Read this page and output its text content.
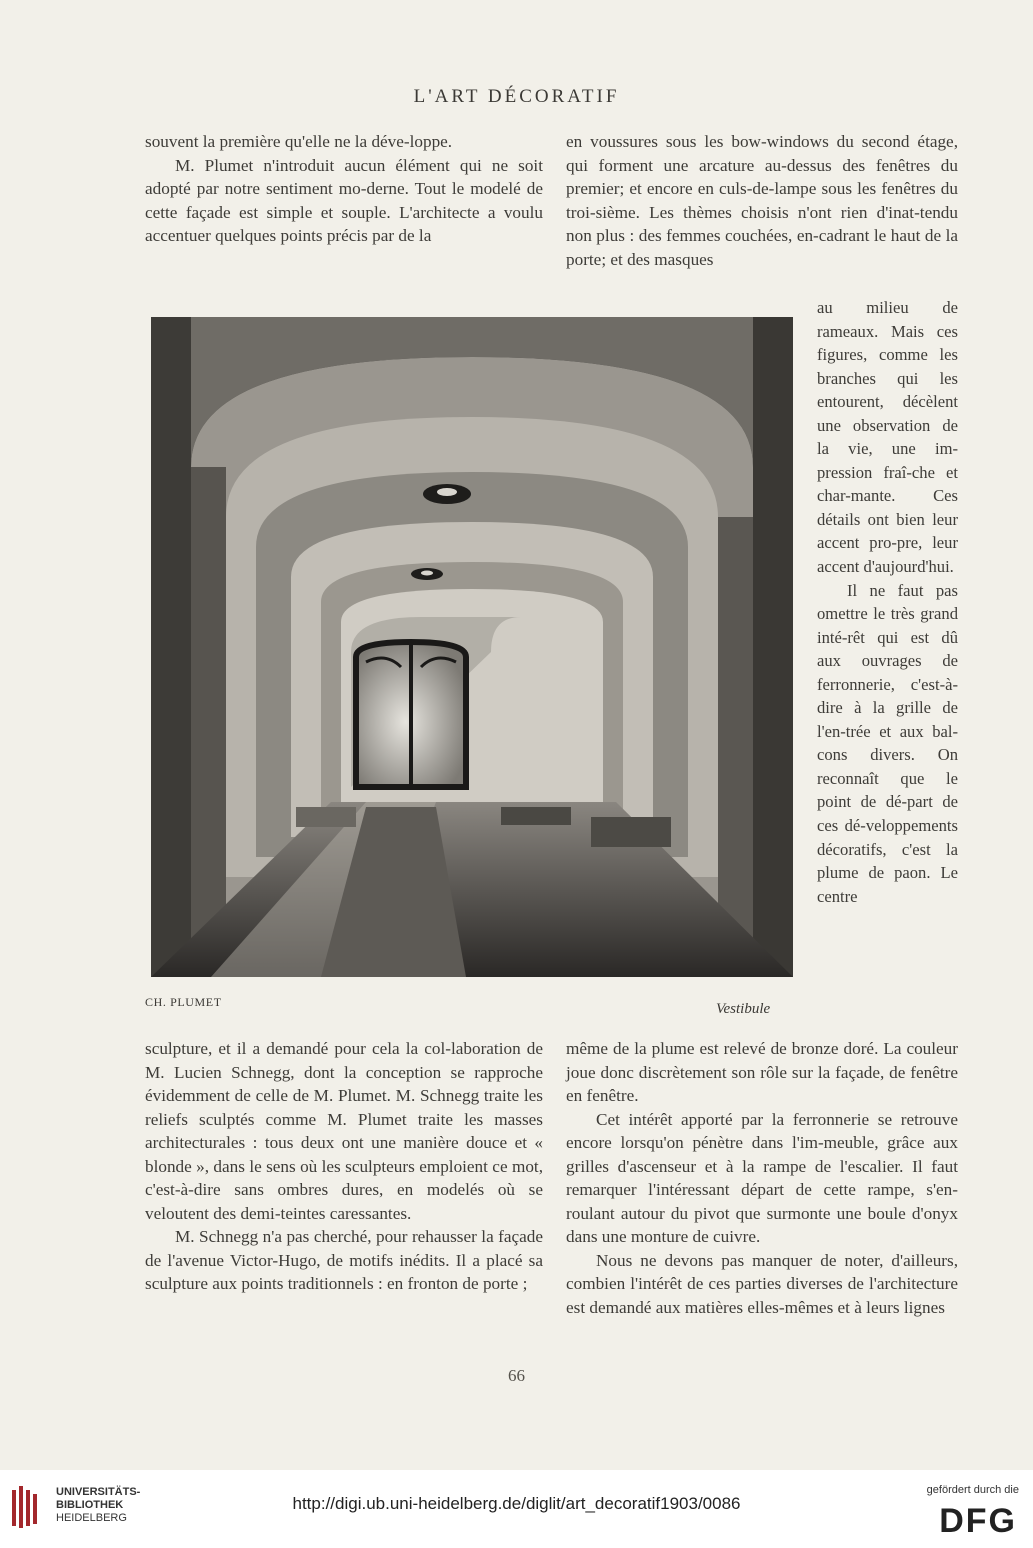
L'ART DÉCORATIF

souvent la première qu'elle ne la déve-loppe.

M. Plumet n'introduit aucun élément qui ne soit adopté par notre sentiment mo-derne. Tout le modelé de cette façade est simple et souple. L'architecte a voulu accentuer quelques points précis par de la

en voussures sous les bow-windows du second étage, qui forment une arcature au-dessus des fenêtres du premier; et encore en culs-de-lampe sous les fenêtres du troi-sième. Les thèmes choisis n'ont rien d'inat-tendu non plus : des femmes couchées, en-cadrant le haut de la porte; et des masques

au milieu de rameaux. Mais ces figures, comme les branches qui les entourent, décèlent une observation de la vie, une im-pression fraî-che et char-mante. Ces détails ont bien leur accent pro-pre, leur accent d'aujourd'hui.

Il ne faut pas omettre le très grand inté-rêt qui est dû aux ouvrages de ferronnerie, c'est-à-dire à la grille de l'en-trée et aux bal-cons divers. On reconnaît que le point de dé-part de ces dé-veloppements décoratifs, c'est la plume de paon. Le centre

CH. PLUMET	Vestibule

sculpture, et il a demandé pour cela la col-laboration de M. Lucien Schnegg, dont la conception se rapproche évidemment de celle de M. Plumet. M. Schnegg traite les reliefs sculptés comme M. Plumet traite les masses architecturales : tous deux ont une manière douce et « blonde », dans le sens où les sculpteurs emploient ce mot, c'est-à-dire sans ombres dures, en modelés où se veloutent des demi-teintes caressantes.

M. Schnegg n'a pas cherché, pour rehausser la façade de l'avenue Victor-Hugo, de motifs inédits. Il a placé sa sculpture aux points traditionnels : en fronton de porte ;

même de la plume est relevé de bronze doré. La couleur joue donc discrètement son rôle sur la façade, de fenêtre en fenêtre.

Cet intérêt apporté par la ferronnerie se retrouve encore lorsqu'on pénètre dans l'im-meuble, grâce aux grilles d'ascenseur et à la rampe de l'escalier. Il faut remarquer l'intéressant départ de cette rampe, s'en-roulant autour du pivot que surmonte une boule d'onyx dans une monture de cuivre.

Nous ne devons pas manquer de noter, d'ailleurs, combien l'intérêt de ces parties diverses de l'architecture est demandé aux matières elles-mêmes et à leurs lignes

66
UNIVERSITÄTS-
BIBLIOTHEK
HEIDELBERG
http://digi.ub.uni-heidelberg.de/diglit/art_decoratif1903/0086
gefördert durch die
DFG
